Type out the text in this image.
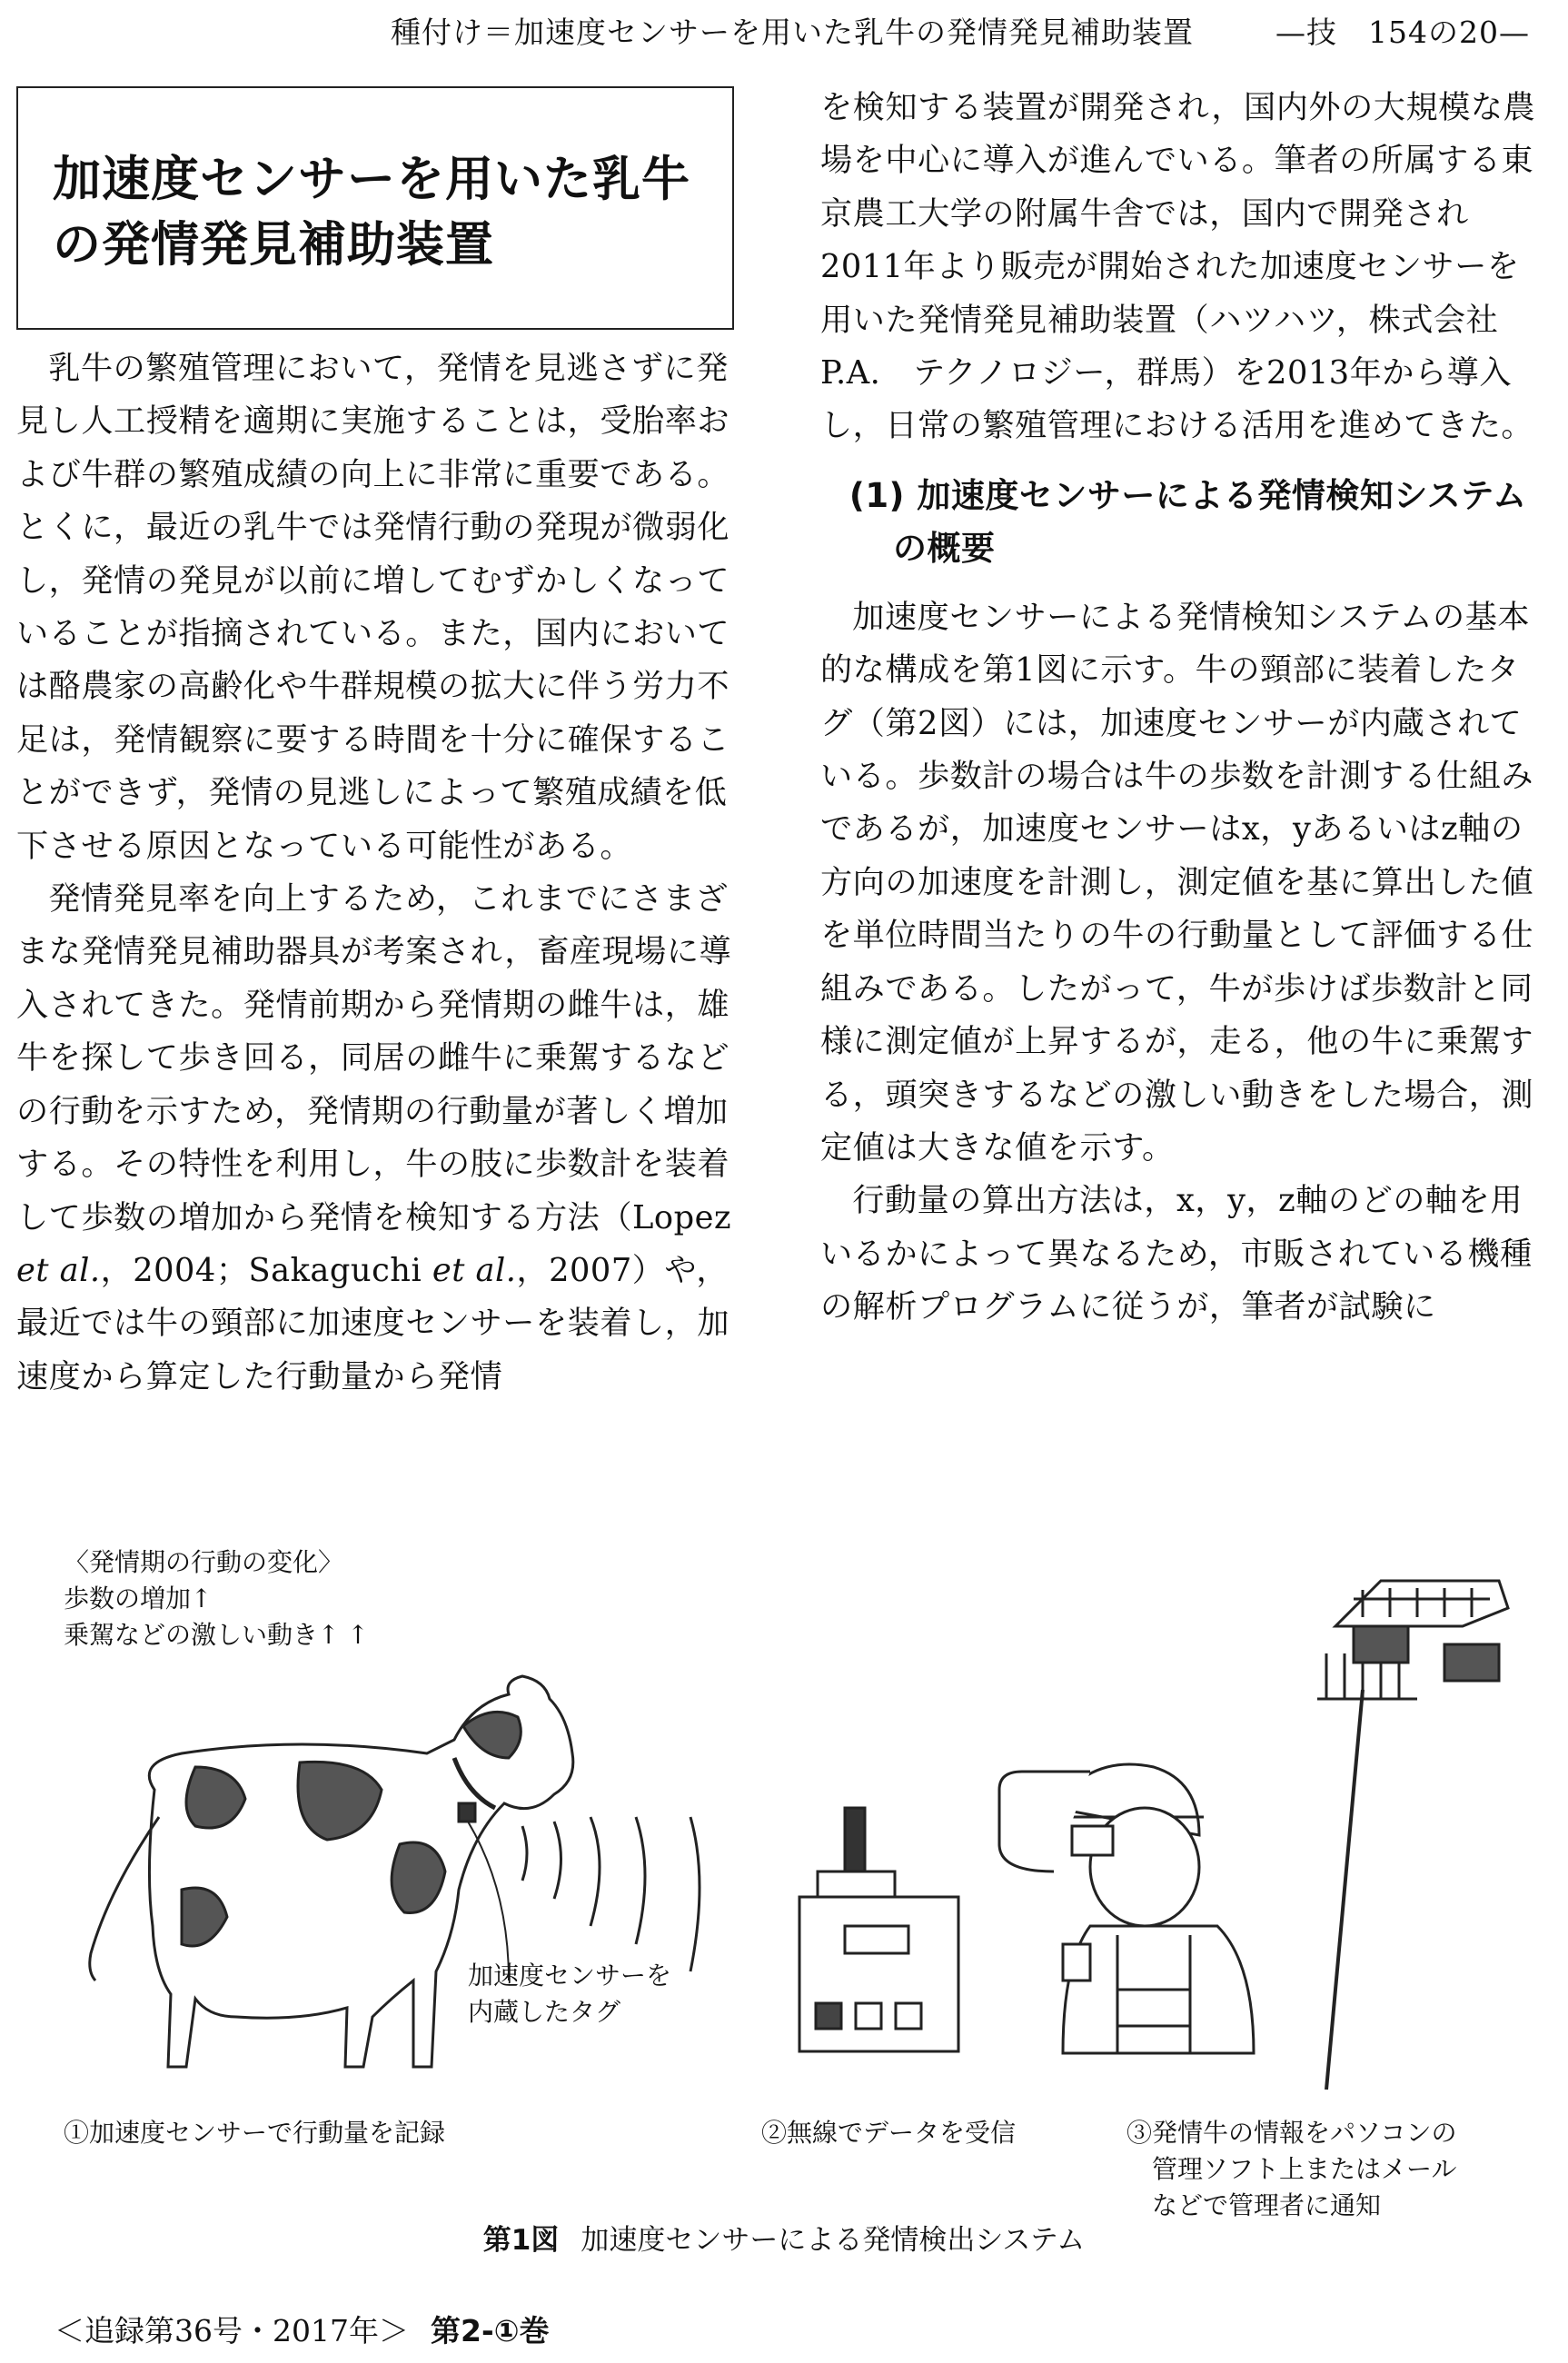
種付け＝加速度センサーを用いた乳牛の発情発見補助装置	—技　154の20—
加速度センサーを用いた乳牛の発情発見補助装置

乳牛の繁殖管理において，発情を見逃さずに発見し人工授精を適期に実施することは，受胎率および牛群の繁殖成績の向上に非常に重要である。とくに，最近の乳牛では発情行動の発現が微弱化し，発情の発見が以前に増してむずかしくなっていることが指摘されている。また，国内においては酪農家の高齢化や牛群規模の拡大に伴う労力不足は，発情観察に要する時間を十分に確保することができず，発情の見逃しによって繁殖成績を低下させる原因となっている可能性がある。

発情発見率を向上するため，これまでにさまざまな発情発見補助器具が考案され，畜産現場に導入されてきた。発情前期から発情期の雌牛は，雄牛を探して歩き回る，同居の雌牛に乗駕するなどの行動を示すため，発情期の行動量が著しく増加する。その特性を利用し，牛の肢に歩数計を装着して歩数の増加から発情を検知する方法（Lopez et al.，2004；Sakaguchi et al.，2007）や，最近では牛の頸部に加速度センサーを装着し，加速度から算定した行動量から発情

を検知する装置が開発され，国内外の大規模な農場を中心に導入が進んでいる。筆者の所属する東京農工大学の附属牛舎では，国内で開発され2011年より販売が開始された加速度センサーを用いた発情発見補助装置（ハツハツ，株式会社P.A.　テクノロジー，群馬）を2013年から導入し，日常の繁殖管理における活用を進めてきた。

(1) 加速度センサーによる発情検知システムの概要

加速度センサーによる発情検知システムの基本的な構成を第1図に示す。牛の頸部に装着したタグ（第2図）には，加速度センサーが内蔵されている。歩数計の場合は牛の歩数を計測する仕組みであるが，加速度センサーはx，yあるいはz軸の方向の加速度を計測し，測定値を基に算出した値を単位時間当たりの牛の行動量として評価する仕組みである。したがって，牛が歩けば歩数計と同様に測定値が上昇するが，走る，他の牛に乗駕する，頭突きするなどの激しい動きをした場合，測定値は大きな値を示す。

行動量の算出方法は，x，y，z軸のどの軸を用いるかによって異なるため，市販されている機種の解析プログラムに従うが，筆者が試験に

〈発情期の行動の変化〉
歩数の増加↑
乗駕などの激しい動き↑ ↑
加速度センサーを
内蔵したタグ
①加速度センサーで行動量を記録	②無線でデータを受信	③発情牛の情報をパソコンの
管理ソフト上またはメール
などで管理者に通知
第1図 加速度センサーによる発情検出システム
＜追録第36号・2017年＞ 第2-①巻
